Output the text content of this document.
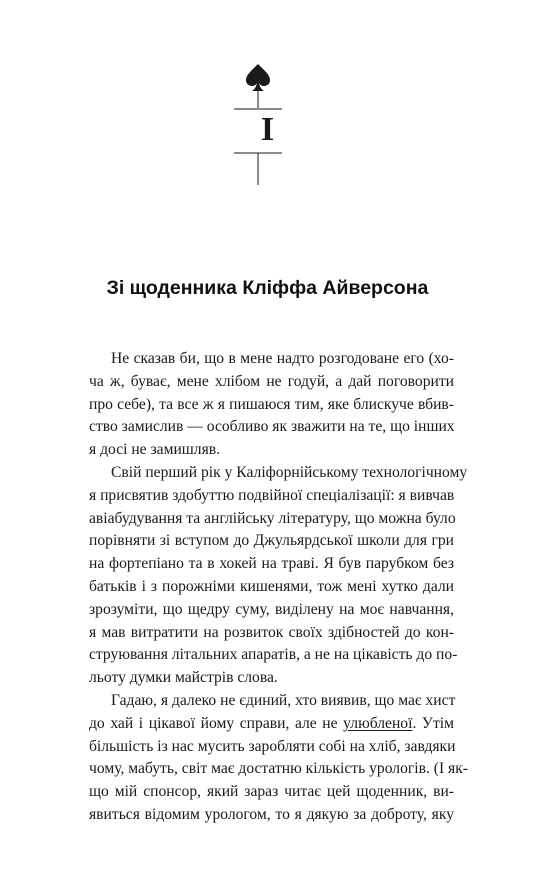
I
Зі щоденника Кліффа Айверсона
Не сказав би, що в мене надто розгодоване его (хо-
ча ж, буває, мене хлібом не годуй, а дай поговорити
про себе), та все ж я пишаюся тим, яке блискуче вбив-
ство замислив — особливо як зважити на те, що інших
я досі не замишляв.
Свій перший рік у Каліфорнійському технологічному
я присвятив здобуттю подвійної спеціалізації: я вивчав
авіабудування та англійську літературу, що можна було
порівняти зі вступом до Джульярдської школи для гри
на фортепіано та в хокей на траві. Я був парубком без
батьків і з порожніми кишенями, тож мені хутко дали
зрозуміти, що щедру суму, виділену на моє навчання,
я мав витратити на розвиток своїх здібностей до кон-
струювання літальних апаратів, а не на цікавість до по-
льоту думки майстрів слова.
Гадаю, я далеко не єдиний, хто виявив, що має хист
до хай і цікавої йому справи, але не улюбленої. Утім
більшість із нас мусить заробляти собі на хліб, завдяки
чому, мабуть, світ має достатню кількість урологів. (І як-
що мій спонсор, який зараз читає цей щоденник, ви-
явиться відомим урологом, то я дякую за доброту, яку
